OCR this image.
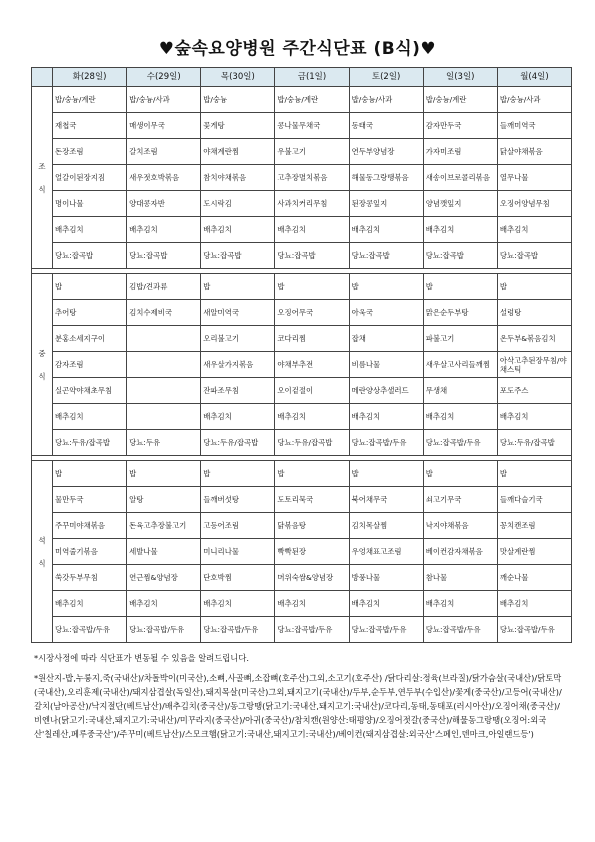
♥숲속요양병원 주간식단표 (B식)♥
	화(28일)	수(29일)	목(30일)	금(1일)	토(2일)	일(3일)	월(4일)

조
식	밥/숭늉/계란	밥/숭늉/사과	밥/숭늉	밥/숭늉/계란	밥/숭늉/사과	밥/숭늉/계란	밥/숭늉/사과
	재첩국	매생이무국	꽃게탕	콩나물무채국	동태국	감자만두국	들깨미역국
	돈장조림	갈치조림	야채계란찜	우불고기	연두부양념장	가자미조림	닭살야채볶음
	얼갈이된장지짐	새우젓호박볶음	참치야채볶음	고추장멸치볶음	해물동그랑땡볶음	새송이브로콜리볶음	열무나물
	명이나물	양대콩자반	도시락김	사과치커리무침	된장콩잎지	양념깻잎지	오징어양념무침
	배추김치	배추김치	배추김치	배추김치	배추김치	배추김치	배추김치
	당뇨:잡곡밥	당뇨:잡곡밥	당뇨:잡곡밥	당뇨:잡곡밥	당뇨:잡곡밥	당뇨:잡곡밥	당뇨:잡곡밥

중
식	밥	김밥/견과류	밥	밥	밥	밥	밥
	추어탕	김치수제비국	새알미역국	오징어무국	아욱국	맑은순두부탕	설렁탕
	분홍소세지구이		오리불고기	코다리찜	잡채	파불고기	온두부&볶음김치
	감자조림		새우살가지볶음	야채부추전	비름나물	새우살고사리들깨찜	아삭고추된장무침/야채스틱
	실곤약야채초무침		잔파조무침	오이겉절이	메란양상추샐러드	무생채	포도주스
	배추김치		배추김치	배추김치	배추김치	배추김치	배추김치
	당뇨:두유/잡곡밥	당뇨:두유	당뇨:두유/잡곡밥	당뇨:두유/잡곡밥	당뇨:잡곡밥/두유	당뇨:잡곡밥/두유	당뇨:두유/잡곡밥

석
식	밥	밥	밥	밥	밥	밥	밥
	물만두국	알탕	들깨버섯탕	도토리묵국	북어채무국	쇠고기무국	들깨다슬기국
	주꾸미야채볶음	돈육고추장불고기	고등어조림	닭볶음탕	김치목살찜	낙지야채볶음	꽁치캔조림
	미역줄기볶음	세발나물	미니리나물	빡빡된장	우엉채표고조림	베이컨감자채볶음	맛살계란찜
	쑥갓두부무침	연근찜&양념장	단호박찜	머위숙쌈&양념장	방풍나물	참나물	깨순나물
	배추김치	배추김치	배추김치	배추김치	배추김치	배추김치	배추김치
	당뇨:잡곡밥/두유	당뇨:잡곡밥/두유	당뇨:잡곡밥/두유	당뇨:잡곡밥/두유	당뇨:잡곡밥/두유	당뇨:잡곡밥/두유	당뇨:잡곡밥/두유
*시장사정에 따라 식단표가 변동될 수 있음을 알려드립니다.
*원산지-밥,누룽지,죽(국내산)/차돌박이(미국산),소뼈,사골뼈,소잡뼈(호주산)그외,소고기(호주산) /닭다리살:정육(브라질)/닭가슴살(국내산)/닭토막(국내산),오리훈제(국내산)/돼지삼겹살(독일산),돼지목살(미국산)그외,돼지고기(국내산)/두부,순두부,연두부(수입산)/꽃게(중국산)/고등어(국내산)/갈치(남아공산)/낙지절단(베트남산)/배추김치(중국산)/동그랑땡(닭고기:국내산,돼지고기:국내산)/코다리,동태,동태포(러시아산)/오징어채(중국산)/비엔나(닭고기:국내산,돼지고기:국내산)/미꾸라지(중국산)/아귀(중국산)/참치캔(원양산:태평양)/오징어젓갈(중국산)/해물동그랑땡(오징어:외국산'칠레산,페루중국산')/주꾸미(베트남산)/스모크햄(닭고기:국내산,돼지고기:국내산)/베이컨(돼지삼겹살:외국산'스페인,덴마크,아일랜드등')
